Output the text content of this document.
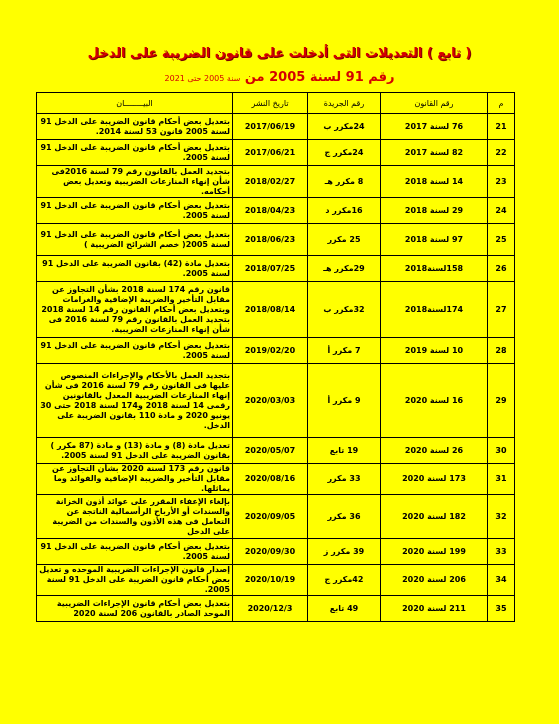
( تابع ) التعديلات التى أدخلت على قانون الضريبة على الدخل
رقم 91 لسنة 2005 من سنة 2005 حتى 2021
م	رقم القانون	رقم الجريدة	تاريخ النشر	البيــــــــان
21	76 لسنة 2017	24مكرر ب	2017/06/19	بتعديل بعض أحكام قانون الضريبة على الدخل 91 لسنة 2005 قانون 53 لسنة 2014.
22	82 لسنة 2017	24مكرر ج	2017/06/21	بتعديل بعض أحكام قانون الضريبة على الدخل 91 لسنة 2005.
23	14 لسنة 2018	8 مكرر هـ	2018/02/27	بتجديد العمل بالقانون رقم 79 لسنة 2016فى شأن إنهاء المنازعات الضريبية وتعديل بعض أحكامه.
24	29 لسنة 2018	16مكرر د	2018/04/23	بتعديل بعض أحكام قانون الضريبة على الدخل 91 لسنة 2005.
25	97 لسنة 2018	25 مكرر	2018/06/23	بتعديل بعض أحكام قانون الضريبة على الدخل 91 لسنة 2005( خصم الشرائح الضريبية )
26	158لسنة2018	29مكرر هـ	2018/07/25	بتعديل مادة (42) بقانون الضريبة على الدخل 91 لسنة 2005.
27	174لسنة2018	32مكرر ب	2018/08/14	قانون رقم 174 لسنة 2018 بشأن التجاوز عن مقابل التأخير والضريبة الإضافية والغرامات وبتعديل بعض أحكام القانون رقم 14 لسنة 2018 بتجديد العمل بالقانون رقم 79 لسنة 2016 فى شأن إنهاء المنازعات الضريبية.
28	10 لسنة 2019	7 مكرر أ	2019/02/20	بتعديل بعض أحكام قانون الضريبة على الدخل 91 لسنة 2005.
29	16 لسنة 2020	9 مكرر أ	2020/03/03	بتجديد العمل بالأحكام والإجراءات المنصوص عليها فى القانون رقم 79 لسنة 2016 فى شأن إنهاء المنازعات الضريبية المعدل بالقانونين رقمى 14 لسنة 2018 و174 لسنة 2018 حتى 30 يونيو 2020 و مادة 110 بقانون الضريبة على الدخل.
30	26 لسنة 2020	19 تابع	2020/05/07	تعديل مادة (8) و مادة (13) و مادة (87 مكرر ) بقانون الضريبة على الدخل 91 لسنة 2005.
31	173 لسنة 2020	33 مكرر	2020/08/16	قانون رقم 173 لسنة 2020 بشأن التجاوز عن مقابل التأخير والضريبة الإضافية والفوائد وما يماثلها.
32	182 لسنة 2020	36 مكرر	2020/09/05	بإلغاء الإعفاء المقرر على عوائد أذون الخزانة والسندات أو الأرباح الرأسمالية الناتجة عن التعامل فى هذه الأذون والسندات من الضريبة على الدخل
33	199 لسنة 2020	39 مكرر ز	2020/09/30	بتعديل بعض أحكام قانون الضريبة على الدخل 91 لسنة 2005.
34	206 لسنة 2020	42مكرر ج	2020/10/19	إصدار قانون الإجراءات الضريبية الموحده و تعديل بعض أحكام قانون الضريبة على الدخل 91 لسنة 2005.
35	211 لسنة 2020	49 تابع	2020/12/3	بتعديل بعض أحكام قانون الإجراءات الضريبية الموحد الصادر بالقانون 206 لسنة 2020
